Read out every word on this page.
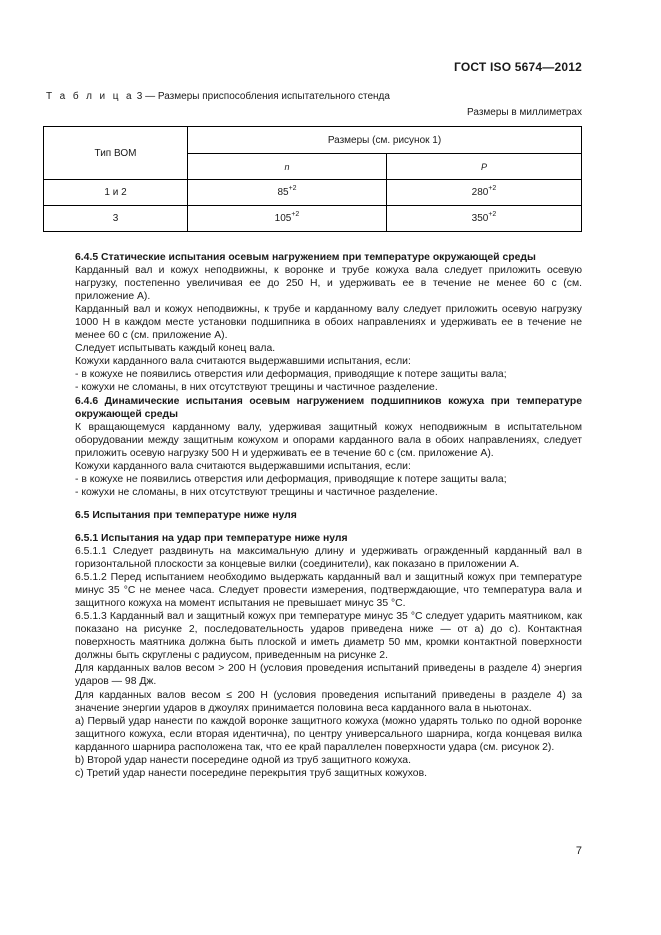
ГОСТ ISO 5674—2012
Т а б л и ц а 3 — Размеры приспособления испытательного стенда
Размеры в миллиметрах
Тип ВОМ	Размеры (см. рисунок 1)	
	n	P
1 и 2	$85^{+2}$	$280^{+2}$
3	$105^{+2}$	$350^{+2}$

6.4.5 Статические испытания осевым нагружением при температуре окружающей среды

Карданный вал и кожух неподвижны, к воронке и трубе кожуха вала следует приложить осевую нагрузку, постепенно увеличивая ее до 250 Н, и удерживать ее в течение не менее 60 с (см. приложение А).

Карданный вал и кожух неподвижны, к трубе и карданному валу следует приложить осевую нагрузку 1000 Н в каждом месте установки подшипника в обоих направлениях и удерживать ее в течение не менее 60 с (см. приложение А).

Следует испытывать каждый конец вала.

Кожухи карданного вала считаются выдержавшими испытания, если:

- в кожухе не появились отверстия или деформация, приводящие к потере защиты вала;

- кожухи не сломаны, в них отсутствуют трещины и частичное разделение.

6.4.6 Динамические испытания осевым нагружением подшипников кожуха при температуре окружающей среды

К вращающемуся карданному валу, удерживая защитный кожух неподвижным в испытательном оборудовании между защитным кожухом и опорами карданного вала в обоих направлениях, следует приложить осевую нагрузку 500 Н и удерживать ее в течение 60 с (см. приложение А).

Кожухи карданного вала считаются выдержавшими испытания, если:

- в кожухе не появились отверстия или деформация, приводящие к потере защиты вала;

- кожухи не сломаны, в них отсутствуют трещины и частичное разделение.

6.5 Испытания при температуре ниже нуля

6.5.1 Испытания на удар при температуре ниже нуля

6.5.1.1 Следует раздвинуть на максимальную длину и удерживать огражденный карданный вал в горизонтальной плоскости за концевые вилки (соединители), как показано в приложении А.

6.5.1.2 Перед испытанием необходимо выдержать карданный вал и защитный кожух при температуре минус 35 °С не менее часа. Следует провести измерения, подтверждающие, что температура вала и защитного кожуха на момент испытания не превышает минус 35 °С.

6.5.1.3 Карданный вал и защитный кожух при температуре минус 35 °С следует ударить маятником, как показано на рисунке 2, последовательность ударов приведена ниже — от а) до с). Контактная поверхность маятника должна быть плоской и иметь диаметр 50 мм, кромки контактной поверхности должны быть скруглены с радиусом, приведенным на рисунке 2.

Для карданных валов весом > 200 Н (условия проведения испытаний приведены в разделе 4) энергия ударов — 98 Дж.

Для карданных валов весом ≤ 200 Н (условия проведения испытаний приведены в разделе 4) за значение энергии ударов в джоулях принимается половина веса карданного вала в ньютонах.

а) Первый удар нанести по каждой воронке защитного кожуха (можно ударять только по одной воронке защитного кожуха, если вторая идентична), по центру универсального шарнира, когда концевая вилка карданного шарнира расположена так, что ее край параллелен поверхности удара (см. рисунок 2).

b) Второй удар нанести посередине одной из труб защитного кожуха.

с) Третий удар нанести посередине перекрытия труб защитных кожухов.

7
